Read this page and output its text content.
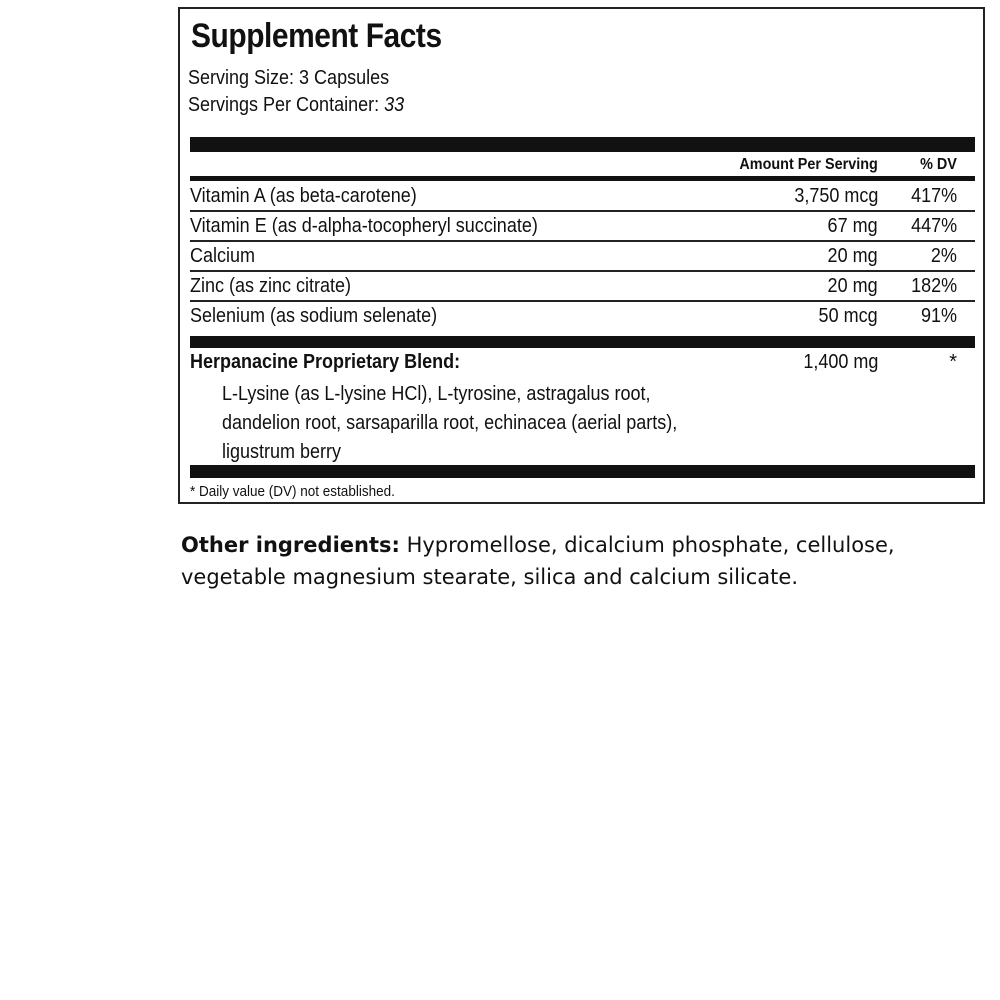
Supplement Facts
Serving Size: 3 Capsules
Servings Per Container: 33
Amount Per Serving	% DV
Vitamin A (as beta-carotene)	3,750 mcg 417%
Vitamin E (as d-alpha-tocopheryl succinate)	67 mg 447%
Calcium	20 mg	2%
Zinc (as zinc citrate)	20 mg 182%
Selenium (as sodium selenate)	50 mcg 91%
Herpanacine Proprietary Blend:	1,400 mg	*
L-Lysine (as L-lysine HCl), L-tyrosine, astragalus root,
dandelion root, sarsaparilla root, echinacea (aerial parts),
ligustrum berry
* Daily value (DV) not established.
Other ingredients: Hypromellose, dicalcium phosphate, cellulose,
vegetable magnesium stearate, silica and calcium silicate.
